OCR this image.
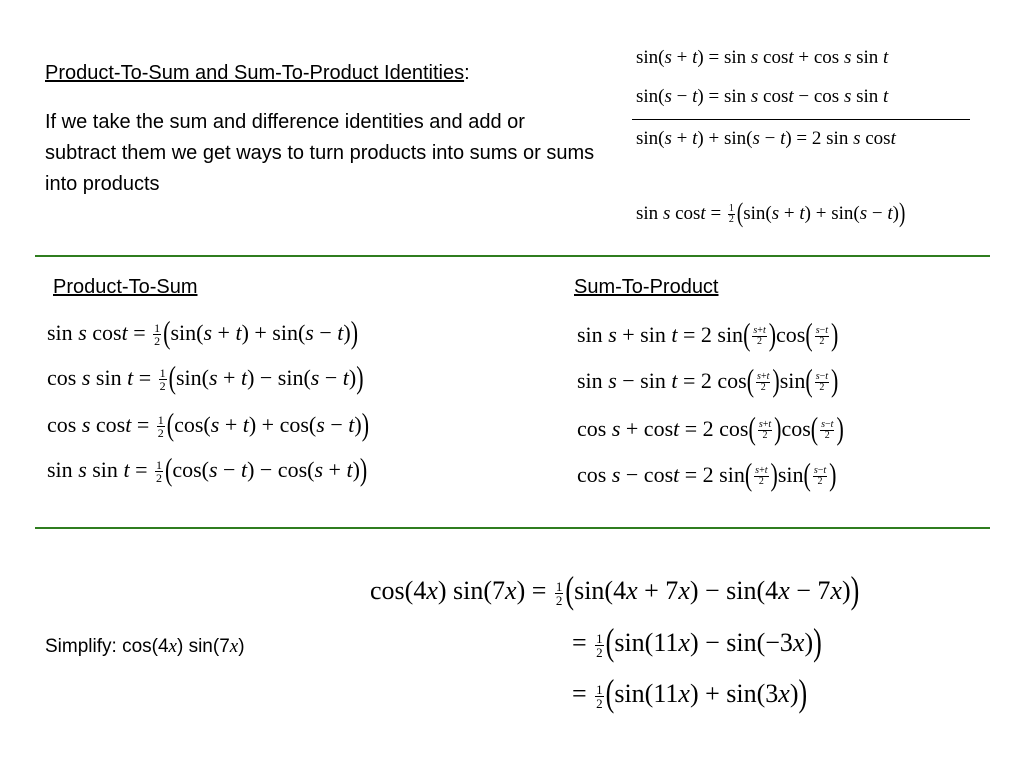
Product-To-Sum and Sum-To-Product Identities:
If we take the sum and difference identities and add or subtract them we get ways to turn products into sums or sums into products
sin(s + t) = sin s cost + cos s sin t
sin(s − t) = sin s cost − cos s sin t
sin(s + t) + sin(s − t) = 2 sin s cost
sin s $\cos t = \frac{1}{2} (\sin(s + t) + \sin(s - t))$
Product-To-Sum
sin s $\cos t = \frac{1}{2} (\sin(s + t) + \sin(s - t))$
cos s $\sin t = \frac{1}{2} (\sin(s + t) - \sin(s - t))$
cos s $\cos t = \frac{1}{2} (\cos(s + t) + \cos(s - t))$
sin s $\sin t = \frac{1}{2} (\cos(s - t) - \cos(s + t))$
Sum-To-Product
sin s + sin t = 2 $\sin( \frac{s+t}{2} )\cos( \frac{s-t}{2}$ )
sin s − sin t = 2 $\cos( \frac{s+t}{2} )\sin( \frac{s-t}{2}$ )
cos s + cost = 2 $\cos( \frac{s+t}{2} )\cos( \frac{s-t}{2}$ )
cos s − cost = 2 $\sin( \frac{s+t}{2} )\sin( \frac{s-t}{2}$ )
Simplify: cos(4x) sin(7x)
cos(4x) $\sin(7x) = \frac{1}{2} (\sin(4x + 7x) - \sin(4x - 7x))$
= $\frac{1}{2} (\sin(11x) - \sin(-3x))$
= $\frac{1}{2} (\sin(11x) + \sin(3x))$
